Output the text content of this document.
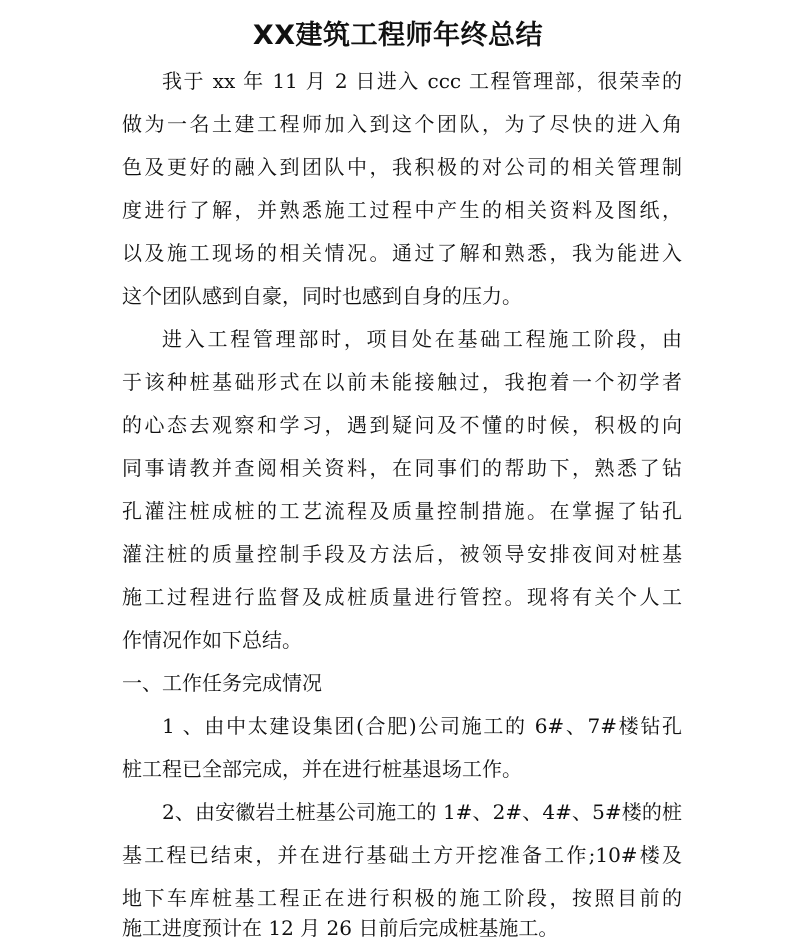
XX建筑工程师年终总结
我于 xx 年 11 月 2 日进入 ccc 工程管理部，很荣幸的
做为一名土建工程师加入到这个团队，为了尽快的进入角
色及更好的融入到团队中，我积极的对公司的相关管理制
度进行了解，并熟悉施工过程中产生的相关资料及图纸，
以及施工现场的相关情况。通过了解和熟悉，我为能进入
这个团队感到自豪，同时也感到自身的压力。
进入工程管理部时，项目处在基础工程施工阶段，由
于该种桩基础形式在以前未能接触过，我抱着一个初学者
的心态去观察和学习，遇到疑问及不懂的时候，积极的向
同事请教并查阅相关资料，在同事们的帮助下，熟悉了钻
孔灌注桩成桩的工艺流程及质量控制措施。在掌握了钻孔
灌注桩的质量控制手段及方法后，被领导安排夜间对桩基
施工过程进行监督及成桩质量进行管控。现将有关个人工
作情况作如下总结。
一、工作任务完成情况
1 、由中太建设集团(合肥)公司施工的 6#、7#楼钻孔
桩工程已全部完成，并在进行桩基退场工作。
2、由安徽岩土桩基公司施工的 1#、2#、4#、5#楼的桩
基工程已结束，并在进行基础土方开挖准备工作;10#楼及
地下车库桩基工程正在进行积极的施工阶段，按照目前的
施工进度预计在 12 月 26 日前后完成桩基施工。
